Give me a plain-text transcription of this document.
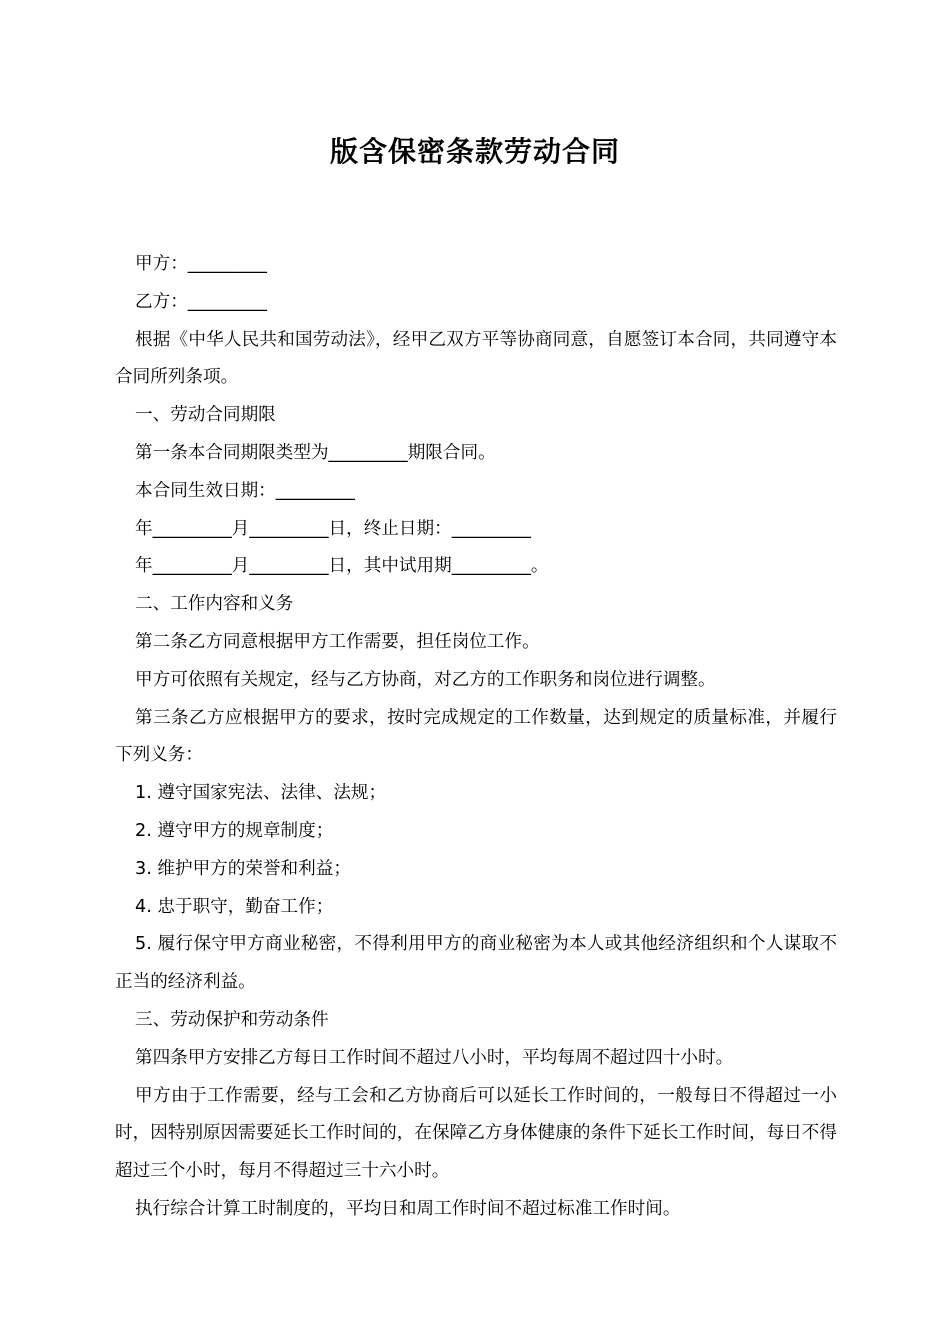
版含保密条款劳动合同

甲方：_________

乙方：_________

根据《中华人民共和国劳动法》，经甲乙双方平等协商同意，自愿签订本合同，共同遵守本合同所列条项。

一、劳动合同期限

第一条本合同期限类型为_________期限合同。

本合同生效日期：_________

年_________月_________日，终止日期：_________

年_________月_________日，其中试用期_________。

二、工作内容和义务

第二条乙方同意根据甲方工作需要，担任岗位工作。

甲方可依照有关规定，经与乙方协商，对乙方的工作职务和岗位进行调整。

第三条乙方应根据甲方的要求，按时完成规定的工作数量，达到规定的质量标准，并履行下列义务：

1. 遵守国家宪法、法律、法规；

2. 遵守甲方的规章制度；

3. 维护甲方的荣誉和利益；

4. 忠于职守，勤奋工作；

5. 履行保守甲方商业秘密，不得利用甲方的商业秘密为本人或其他经济组织和个人谋取不正当的经济利益。

三、劳动保护和劳动条件

第四条甲方安排乙方每日工作时间不超过八小时，平均每周不超过四十小时。

甲方由于工作需要，经与工会和乙方协商后可以延长工作时间的，一般每日不得超过一小时，因特别原因需要延长工作时间的，在保障乙方身体健康的条件下延长工作时间，每日不得超过三个小时，每月不得超过三十六小时。

执行综合计算工时制度的，平均日和周工作时间不超过标准工作时间。
